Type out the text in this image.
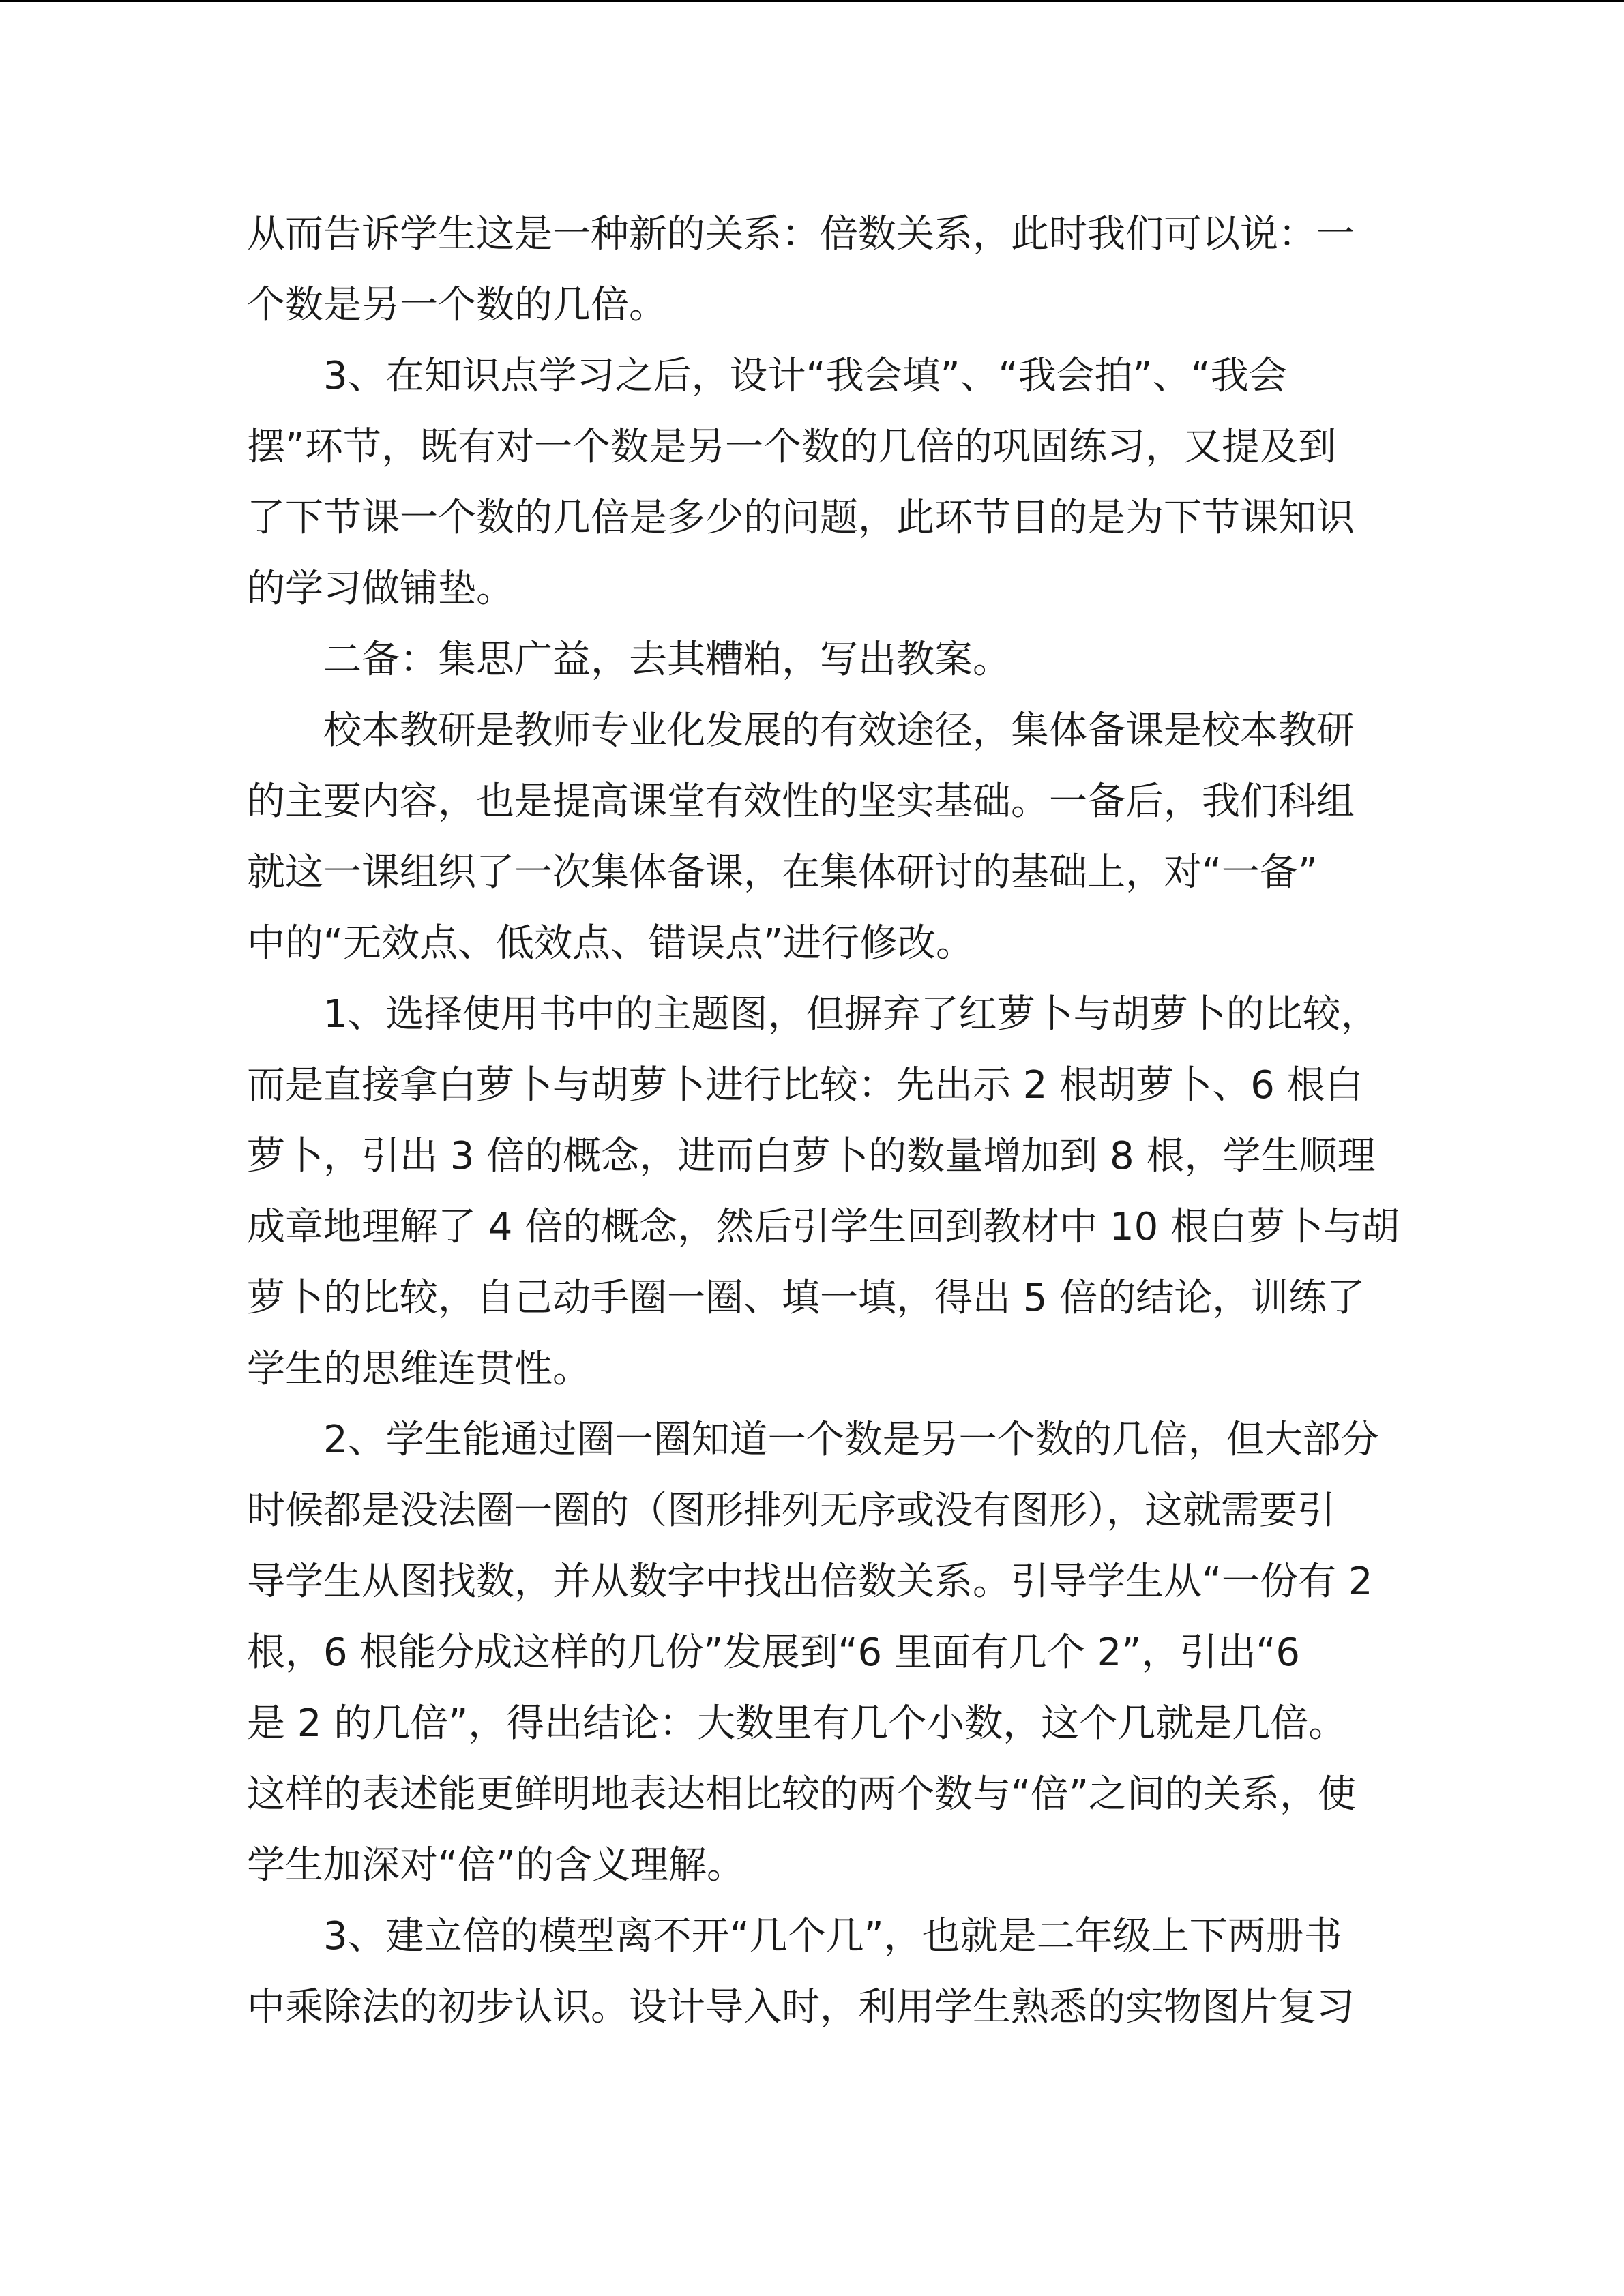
从而告诉学生这是一种新的关系：倍数关系，此时我们可以说：一
个数是另一个数的几倍。
3、在知识点学习之后，设计“我会填”、“我会拍”、“我会
摆”环节，既有对一个数是另一个数的几倍的巩固练习，又提及到
了下节课一个数的几倍是多少的问题，此环节目的是为下节课知识
的学习做铺垫。
二备：集思广益，去其糟粕，写出教案。
校本教研是教师专业化发展的有效途径，集体备课是校本教研
的主要内容，也是提高课堂有效性的坚实基础。一备后，我们科组
就这一课组织了一次集体备课，在集体研讨的基础上，对“一备”
中的“无效点、低效点、错误点”进行修改。
1、选择使用书中的主题图，但摒弃了红萝卜与胡萝卜的比较，
而是直接拿白萝卜与胡萝卜进行比较：先出示 2 根胡萝卜、6 根白
萝卜，引出 3 倍的概念，进而白萝卜的数量增加到 8 根，学生顺理
成章地理解了 4 倍的概念，然后引学生回到教材中 10 根白萝卜与胡
萝卜的比较，自己动手圈一圈、填一填，得出 5 倍的结论，训练了
学生的思维连贯性。
2、学生能通过圈一圈知道一个数是另一个数的几倍，但大部分
时候都是没法圈一圈的（图形排列无序或没有图形），这就需要引
导学生从图找数，并从数字中找出倍数关系。引导学生从“一份有 2
根，6 根能分成这样的几份”发展到“6 里面有几个 2”，引出“6
是 2 的几倍”，得出结论：大数里有几个小数，这个几就是几倍。
这样的表述能更鲜明地表达相比较的两个数与“倍”之间的关系，使
学生加深对“倍”的含义理解。
3、建立倍的模型离不开“几个几”，也就是二年级上下两册书
中乘除法的初步认识。设计导入时，利用学生熟悉的实物图片复习
